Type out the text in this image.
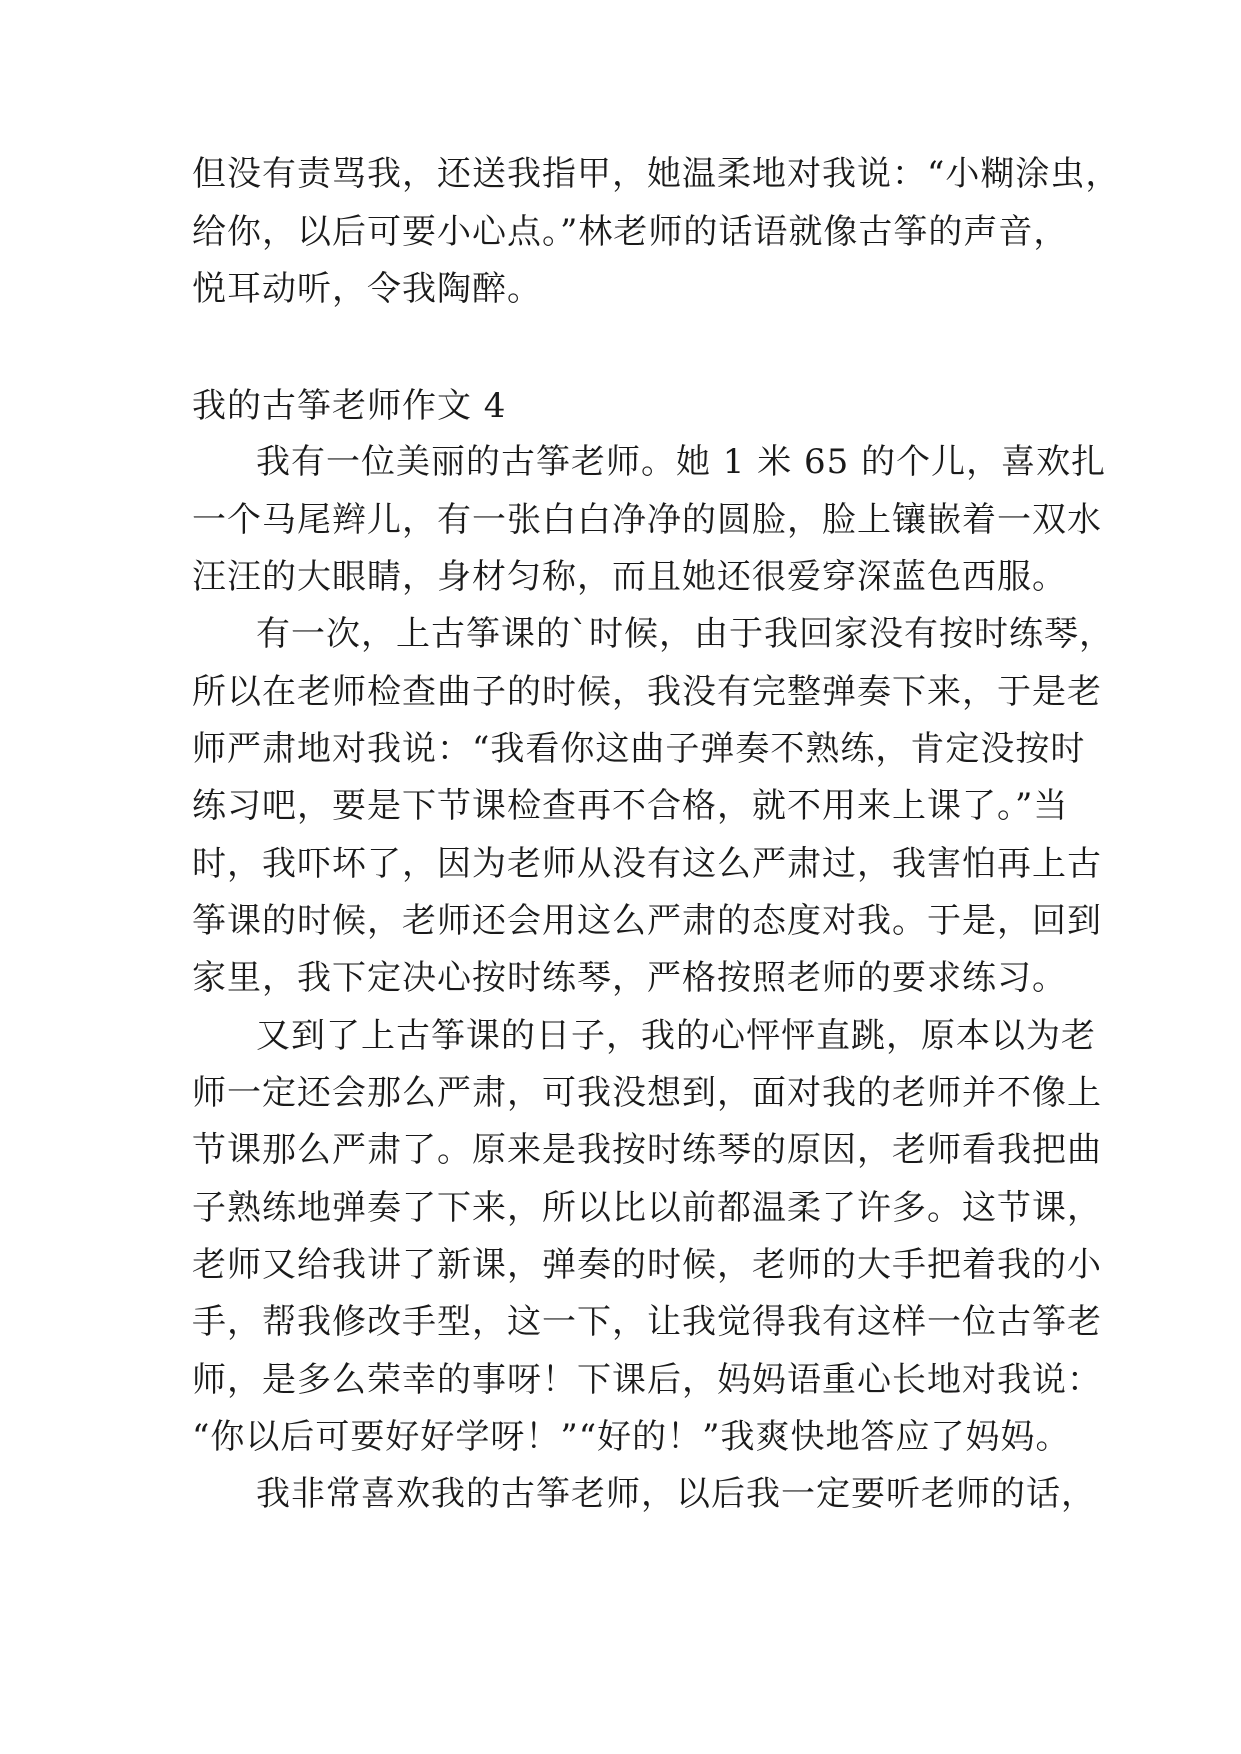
但没有责骂我，还送我指甲，她温柔地对我说：“小糊涂虫，
给你，以后可要小心点。”林老师的话语就像古筝的声音，
悦耳动听，令我陶醉。
我的古筝老师作文 4
我有一位美丽的古筝老师。她 1 米 65 的个儿，喜欢扎
一个马尾辫儿，有一张白白净净的圆脸，脸上镶嵌着一双水
汪汪的大眼睛，身材匀称，而且她还很爱穿深蓝色西服。
有一次，上古筝课的`时候，由于我回家没有按时练琴，
所以在老师检查曲子的时候，我没有完整弹奏下来，于是老
师严肃地对我说：“我看你这曲子弹奏不熟练，肯定没按时
练习吧，要是下节课检查再不合格，就不用来上课了。”当
时，我吓坏了，因为老师从没有这么严肃过，我害怕再上古
筝课的时候，老师还会用这么严肃的态度对我。于是，回到
家里，我下定决心按时练琴，严格按照老师的要求练习。
又到了上古筝课的日子，我的心怦怦直跳，原本以为老
师一定还会那么严肃，可我没想到，面对我的老师并不像上
节课那么严肃了。原来是我按时练琴的原因，老师看我把曲
子熟练地弹奏了下来，所以比以前都温柔了许多。这节课，
老师又给我讲了新课，弹奏的时候，老师的大手把着我的小
手，帮我修改手型，这一下，让我觉得我有这样一位古筝老
师，是多么荣幸的事呀！下课后，妈妈语重心长地对我说：
“你以后可要好好学呀！”“好的！”我爽快地答应了妈妈。
我非常喜欢我的古筝老师，以后我一定要听老师的话，
